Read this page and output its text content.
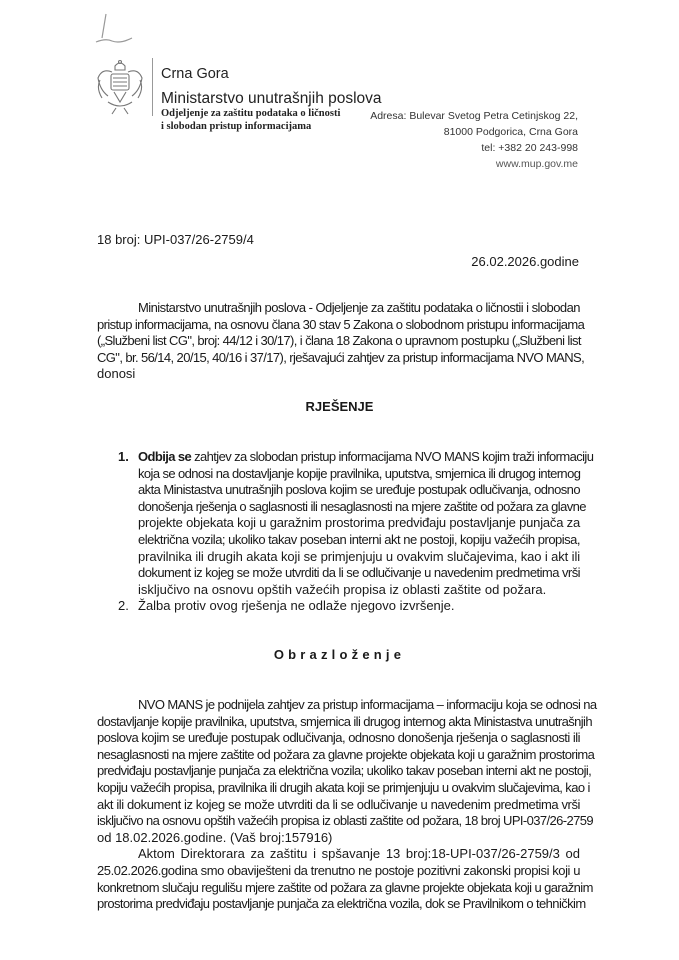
Crna Gora
Ministarstvo unutrašnjih poslova
Odjeljenje za zaštitu podataka o ličnosti
i slobodan pristup informacijama
Adresa: Bulevar Svetog Petra Cetinjskog 22,
81000 Podgorica, Crna Gora
tel: +382 20 243-998
www.mup.gov.me
18 broj: UPI-037/26-2759/4
26.02.2026.godine
Ministarstvo unutrašnjih poslova - Odjeljenje za zaštitu podataka o ličnostii i slobodan
pristup informacijama, na osnovu člana 30 stav 5 Zakona o slobodnom pristupu informacijama
(„Službeni list CG", broj: 44/12 i 30/17), i člana 18 Zakona o upravnom postupku („Službeni list
CG", br. 56/14, 20/15, 40/16 i 37/17), rješavajući zahtjev za pristup informacijama NVO MANS,
donosi
RJEŠENJE
1. Odbija se zahtjev za slobodan pristup informacijama NVO MANS kojim traži informaciju
koja se odnosi na dostavljanje kopije pravilnika, uputstva, smjernica ili drugog internog
akta Ministastva unutrašnjih poslova kojim se uređuje postupak odlučivanja, odnosno
donošenja rješenja o saglasnosti ili nesaglasnosti na mjere zaštite od požara za glavne
projekte objekata koji u garažnim prostorima predviđaju postavljanje punjača za
električna vozila; ukoliko takav poseban interni akt ne postoji, kopiju važećih propisa,
pravilnika ili drugih akata koji se primjenjuju u ovakvim slučajevima, kao i akt ili
dokument iz kojeg se može utvrditi da li se odlučivanje u navedenim predmetima vrši
isključivo na osnovu opštih važećih propisa iz oblasti zaštite od požara.
2. Žalba protiv ovog rješenja ne odlaže njegovo izvršenje.
Obrazloženje
NVO MANS je podnijela zahtjev za pristup informacijama – informaciju koja se odnosi na
dostavljanje kopije pravilnika, uputstva, smjernica ili drugog internog akta Ministastva unutrašnjih
poslova kojim se uređuje postupak odlučivanja, odnosno donošenja rješenja o saglasnosti ili
nesaglasnosti na mjere zaštite od požara za glavne projekte objekata koji u garažnim prostorima
predviđaju postavljanje punjača za električna vozila; ukoliko takav poseban interni akt ne postoji,
kopiju važećih propisa, pravilnika ili drugih akata koji se primjenjuju u ovakvim slučajevima, kao i
akt ili dokument iz kojeg se može utvrditi da li se odlučivanje u navedenim predmetima vrši
isključivo na osnovu opštih važećih propisa iz oblasti zaštite od požara, 18 broj UPI-037/26-2759
od 18.02.2026.godine. (Vaš broj:157916)
Aktom Direktorara za zaštitu i spšavanje 13 broj:18-UPI-037/26-2759/3 od
25.02.2026.godina smo obaviješteni da trenutno ne postoje pozitivni zakonski propisi koji u
konkretnom slučaju regulišu mjere zaštite od požara za glavne projekte objekata koji u garažnim
prostorima predviđaju postavljanje punjača za električna vozila, dok se Pravilnikom o tehničkim
